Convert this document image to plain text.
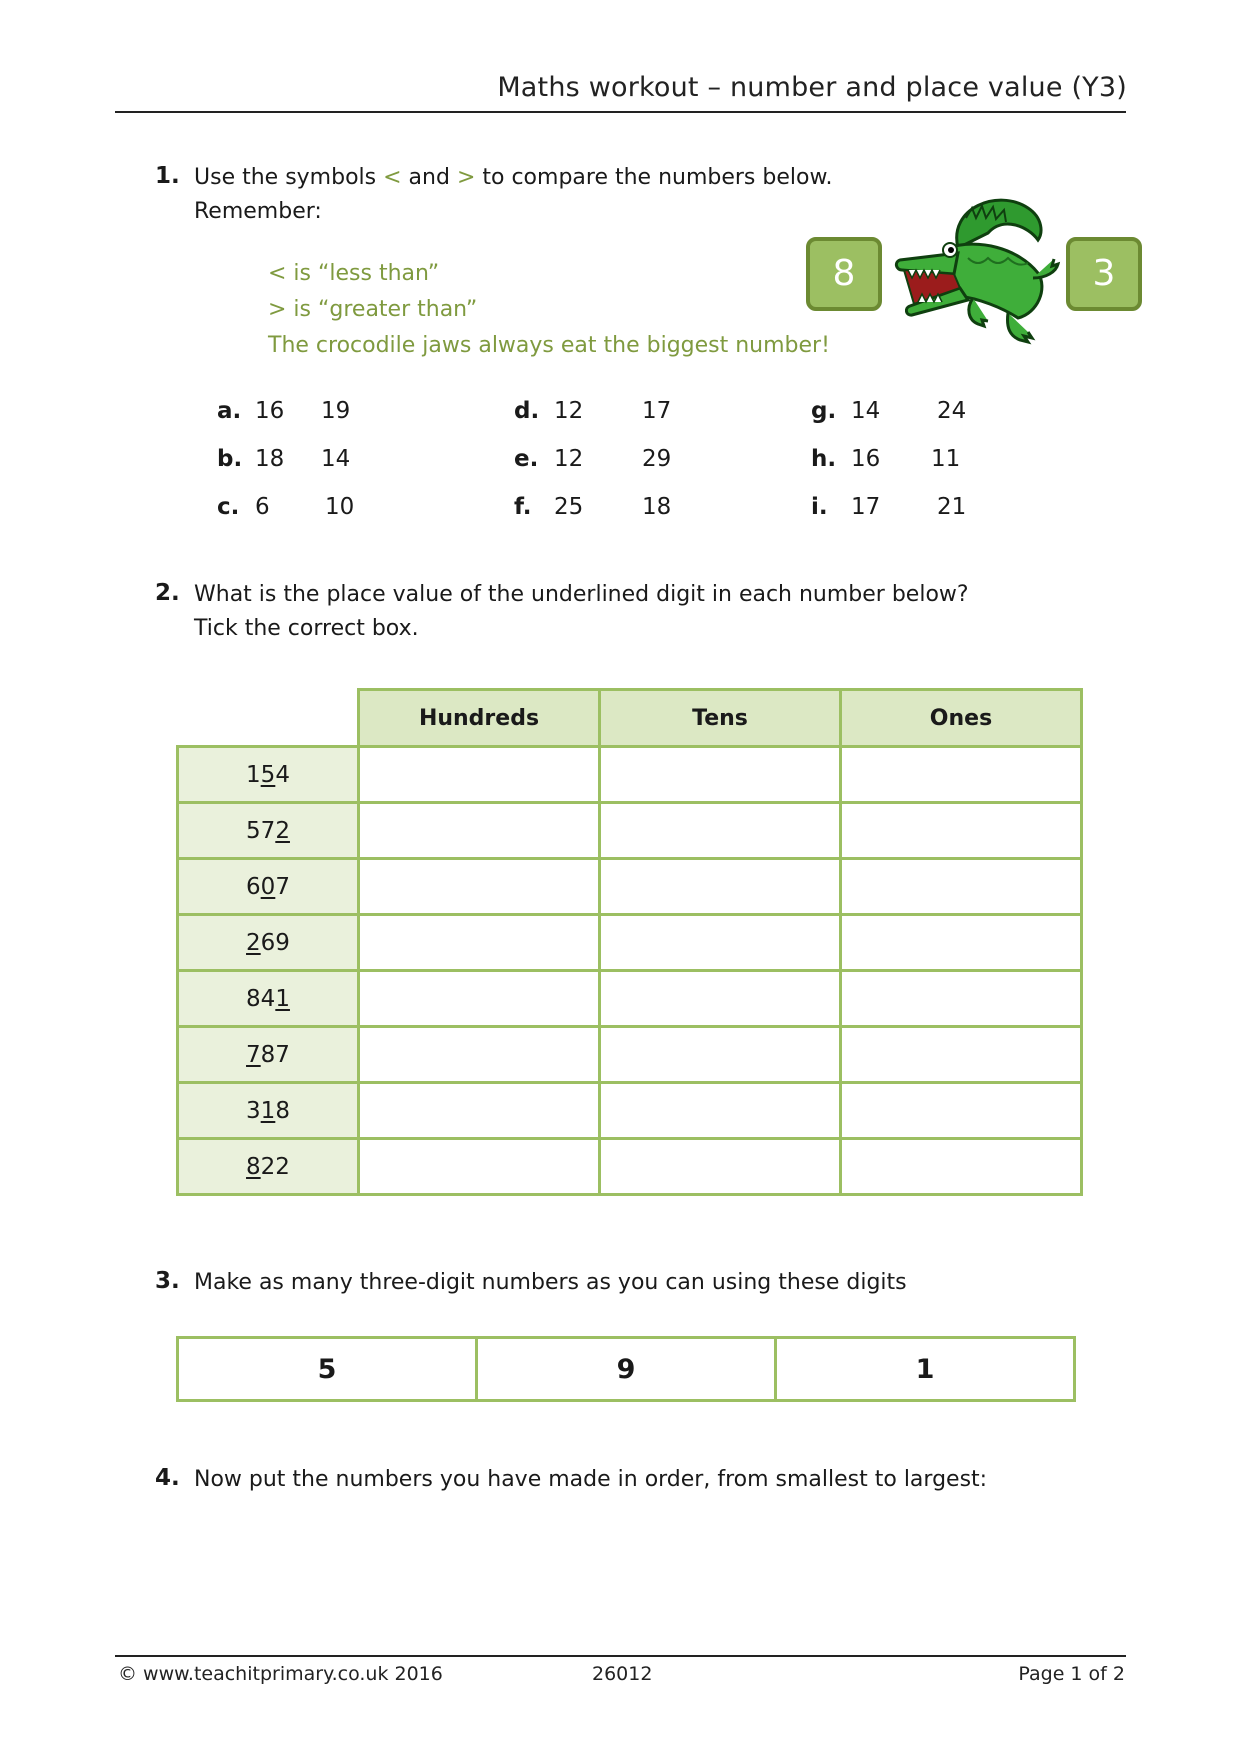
Maths workout – number and place value (Y3)
1. Use the symbols < and > to compare the numbers below.
Remember:
< is “less than”
> is “greater than”
The crocodile jaws always eat the biggest number!
8	3
a. 16 19
b. 18 14
c. 6 10
d. 12	17
e. 12	29
f. 25	18
g. 14 24
h. 16 11
i. 17 21
2. What is the place value of the underlined digit in each number below?
Tick the correct box.
	Hundreds	Tens	Ones
154			
572			
607			
269			
841			
787			
318			
822			
3. Make as many three-digit numbers as you can using these digits
5	9	1
4. Now put the numbers you have made in order, from smallest to largest:
© www.teachitprimary.co.uk 2016	26012	Page 1 of 2
